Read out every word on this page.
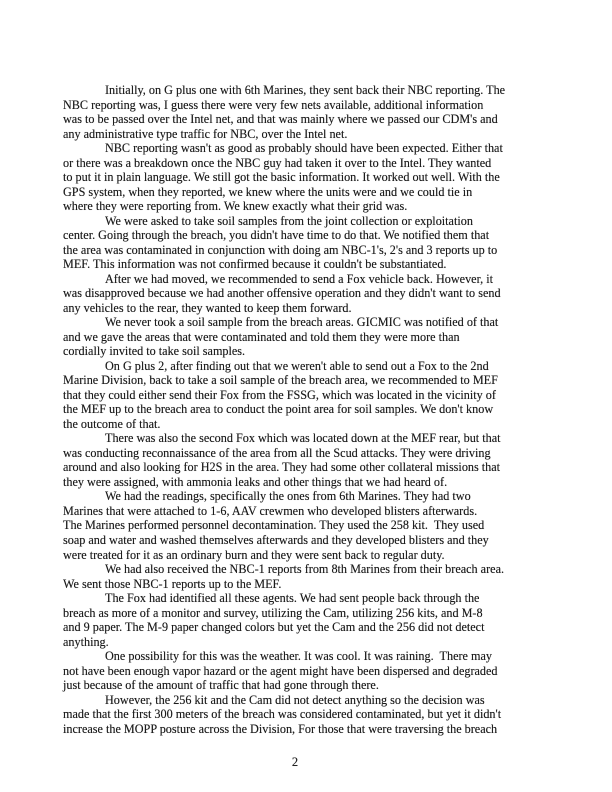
Initially, on G plus one with 6th Marines, they sent back their NBC reporting. The
NBC reporting was, I guess there were very few nets available, additional information
was to be passed over the Intel net, and that was mainly where we passed our CDM's and
any administrative type traffic for NBC, over the Intel net.
NBC reporting wasn't as good as probably should have been expected. Either that
or there was a breakdown once the NBC guy had taken it over to the Intel. They wanted
to put it in plain language. We still got the basic information. It worked out well. With the
GPS system, when they reported, we knew where the units were and we could tie in
where they were reporting from. We knew exactly what their grid was.
We were asked to take soil samples from the joint collection or exploitation
center. Going through the breach, you didn't have time to do that. We notified them that
the area was contaminated in conjunction with doing am NBC-1's, 2's and 3 reports up to
MEF. This information was not confirmed because it couldn't be substantiated.
After we had moved, we recommended to send a Fox vehicle back. However, it
was disapproved because we had another offensive operation and they didn't want to send
any vehicles to the rear, they wanted to keep them forward.
We never took a soil sample from the breach areas. GICMIC was notified of that
and we gave the areas that were contaminated and told them they were more than
cordially invited to take soil samples.
On G plus 2, after finding out that we weren't able to send out a Fox to the 2nd
Marine Division, back to take a soil sample of the breach area, we recommended to MEF
that they could either send their Fox from the FSSG, which was located in the vicinity of
the MEF up to the breach area to conduct the point area for soil samples. We don't know
the outcome of that.
There was also the second Fox which was located down at the MEF rear, but that
was conducting reconnaissance of the area from all the Scud attacks. They were driving
around and also looking for H2S in the area. They had some other collateral missions that
they were assigned, with ammonia leaks and other things that we had heard of.
We had the readings, specifically the ones from 6th Marines. They had two
Marines that were attached to 1-6, AAV crewmen who developed blisters afterwards.
The Marines performed personnel decontamination. They used the 258 kit.  They used
soap and water and washed themselves afterwards and they developed blisters and they
were treated for it as an ordinary burn and they were sent back to regular duty.
We had also received the NBC-1 reports from 8th Marines from their breach area.
We sent those NBC-1 reports up to the MEF.
The Fox had identified all these agents. We had sent people back through the
breach as more of a monitor and survey, utilizing the Cam, utilizing 256 kits, and M-8
and 9 paper. The M-9 paper changed colors but yet the Cam and the 256 did not detect
anything.
One possibility for this was the weather. It was cool. It was raining.  There may
not have been enough vapor hazard or the agent might have been dispersed and degraded
just because of the amount of traffic that had gone through there.
However, the 256 kit and the Cam did not detect anything so the decision was
made that the first 300 meters of the breach was considered contaminated, but yet it didn't
increase the MOPP posture across the Division, For those that were traversing the breach
2
